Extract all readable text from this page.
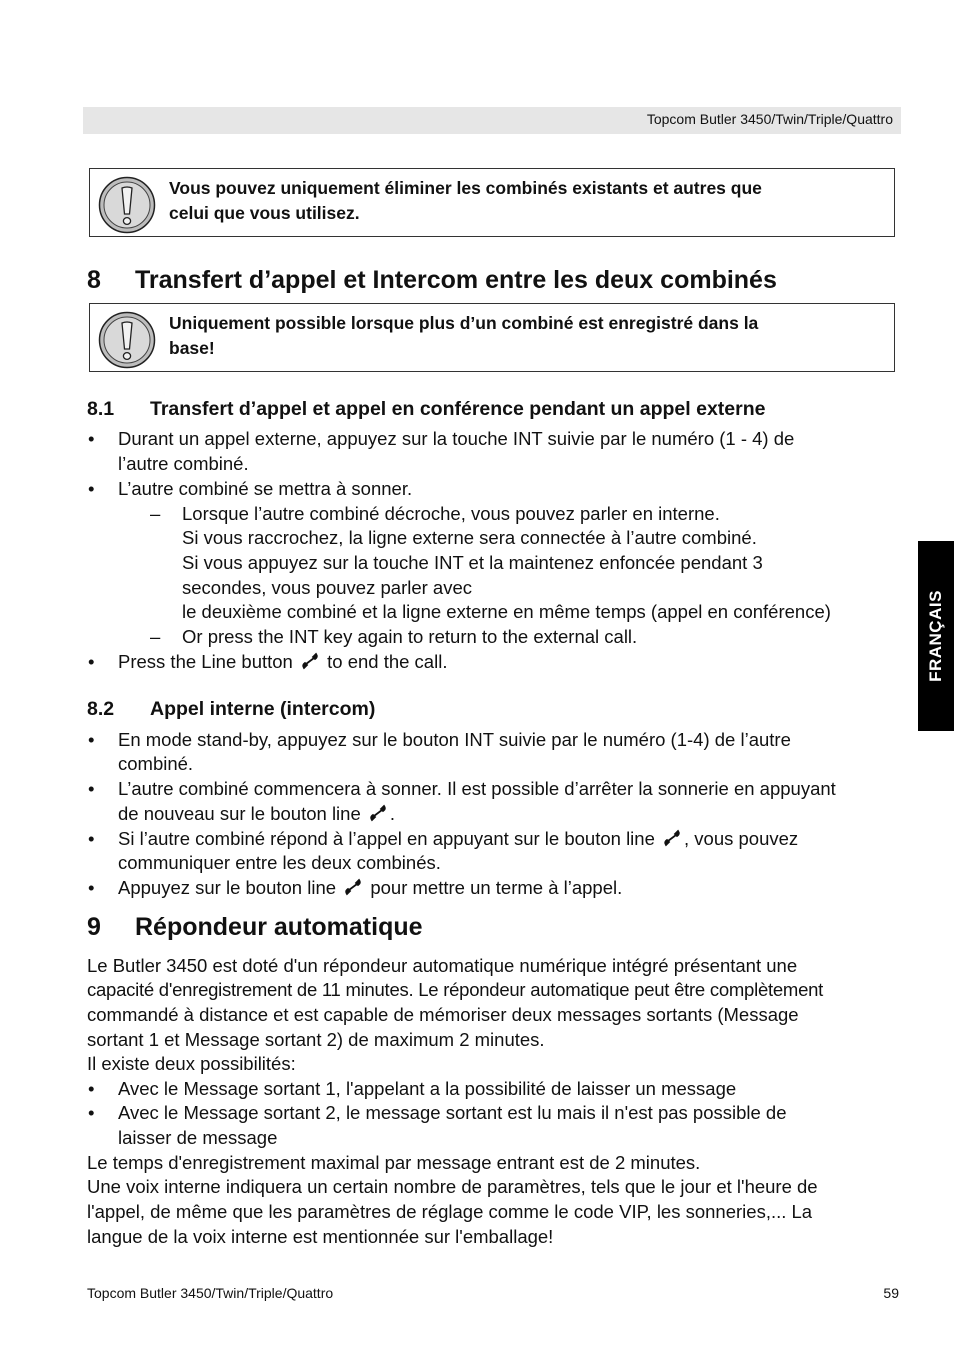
Topcom Butler 3450/Twin/Triple/Quattro
Vous pouvez uniquement éliminer les combinés existants et autres que
celui que vous utilisez.
8 Transfert d’appel et Intercom entre les deux combinés
Uniquement possible lorsque plus d’un combiné est enregistré dans la
base!
8.1 Transfert d’appel et appel en conférence pendant un appel externe
• Durant un appel externe, appuyez sur la touche INT suivie par le numéro (1 - 4) de
l’autre combiné.
• L’autre combiné se mettra à sonner.
– Lorsque l’autre combiné décroche, vous pouvez parler en interne.
Si vous raccrochez, la ligne externe sera connectée à l’autre combiné.
Si vous appuyez sur la touche INT et la maintenez enfoncée pendant 3
secondes, vous pouvez parler avec
le deuxième combiné et la ligne externe en même temps (appel en conférence)
– Or press the INT key again to return to the external call.
• Press the Line button to end the call.
8.2 Appel interne (intercom)
• En mode stand-by, appuyez sur le bouton INT suivie par le numéro (1-4) de l’autre
combiné.
• L’autre combiné commencera à sonner. Il est possible d’arrêter la sonnerie en appuyant
de nouveau sur le bouton line .
• Si l’autre combiné répond à l’appel en appuyant sur le bouton line , vous pouvez
communiquer entre les deux combinés.
• Appuyez sur le bouton line pour mettre un terme à l’appel.
9 Répondeur automatique
Le Butler 3450 est doté d'un répondeur automatique numérique intégré présentant une
capacité d'enregistrement de 11 minutes. Le répondeur automatique peut être complètement
commandé à distance et est capable de mémoriser deux messages sortants (Message
sortant 1 et Message sortant 2) de maximum 2 minutes.
Il existe deux possibilités:
• Avec le Message sortant 1, l'appelant a la possibilité de laisser un message
• Avec le Message sortant 2, le message sortant est lu mais il n'est pas possible de
laisser de message
Le temps d'enregistrement maximal par message entrant est de 2 minutes.
Une voix interne indiquera un certain nombre de paramètres, tels que le jour et l'heure de
l'appel, de même que les paramètres de réglage comme le code VIP, les sonneries,... La
langue de la voix interne est mentionnée sur l'emballage!
FRANÇAIS
Topcom Butler 3450/Twin/Triple/Quattro	59
